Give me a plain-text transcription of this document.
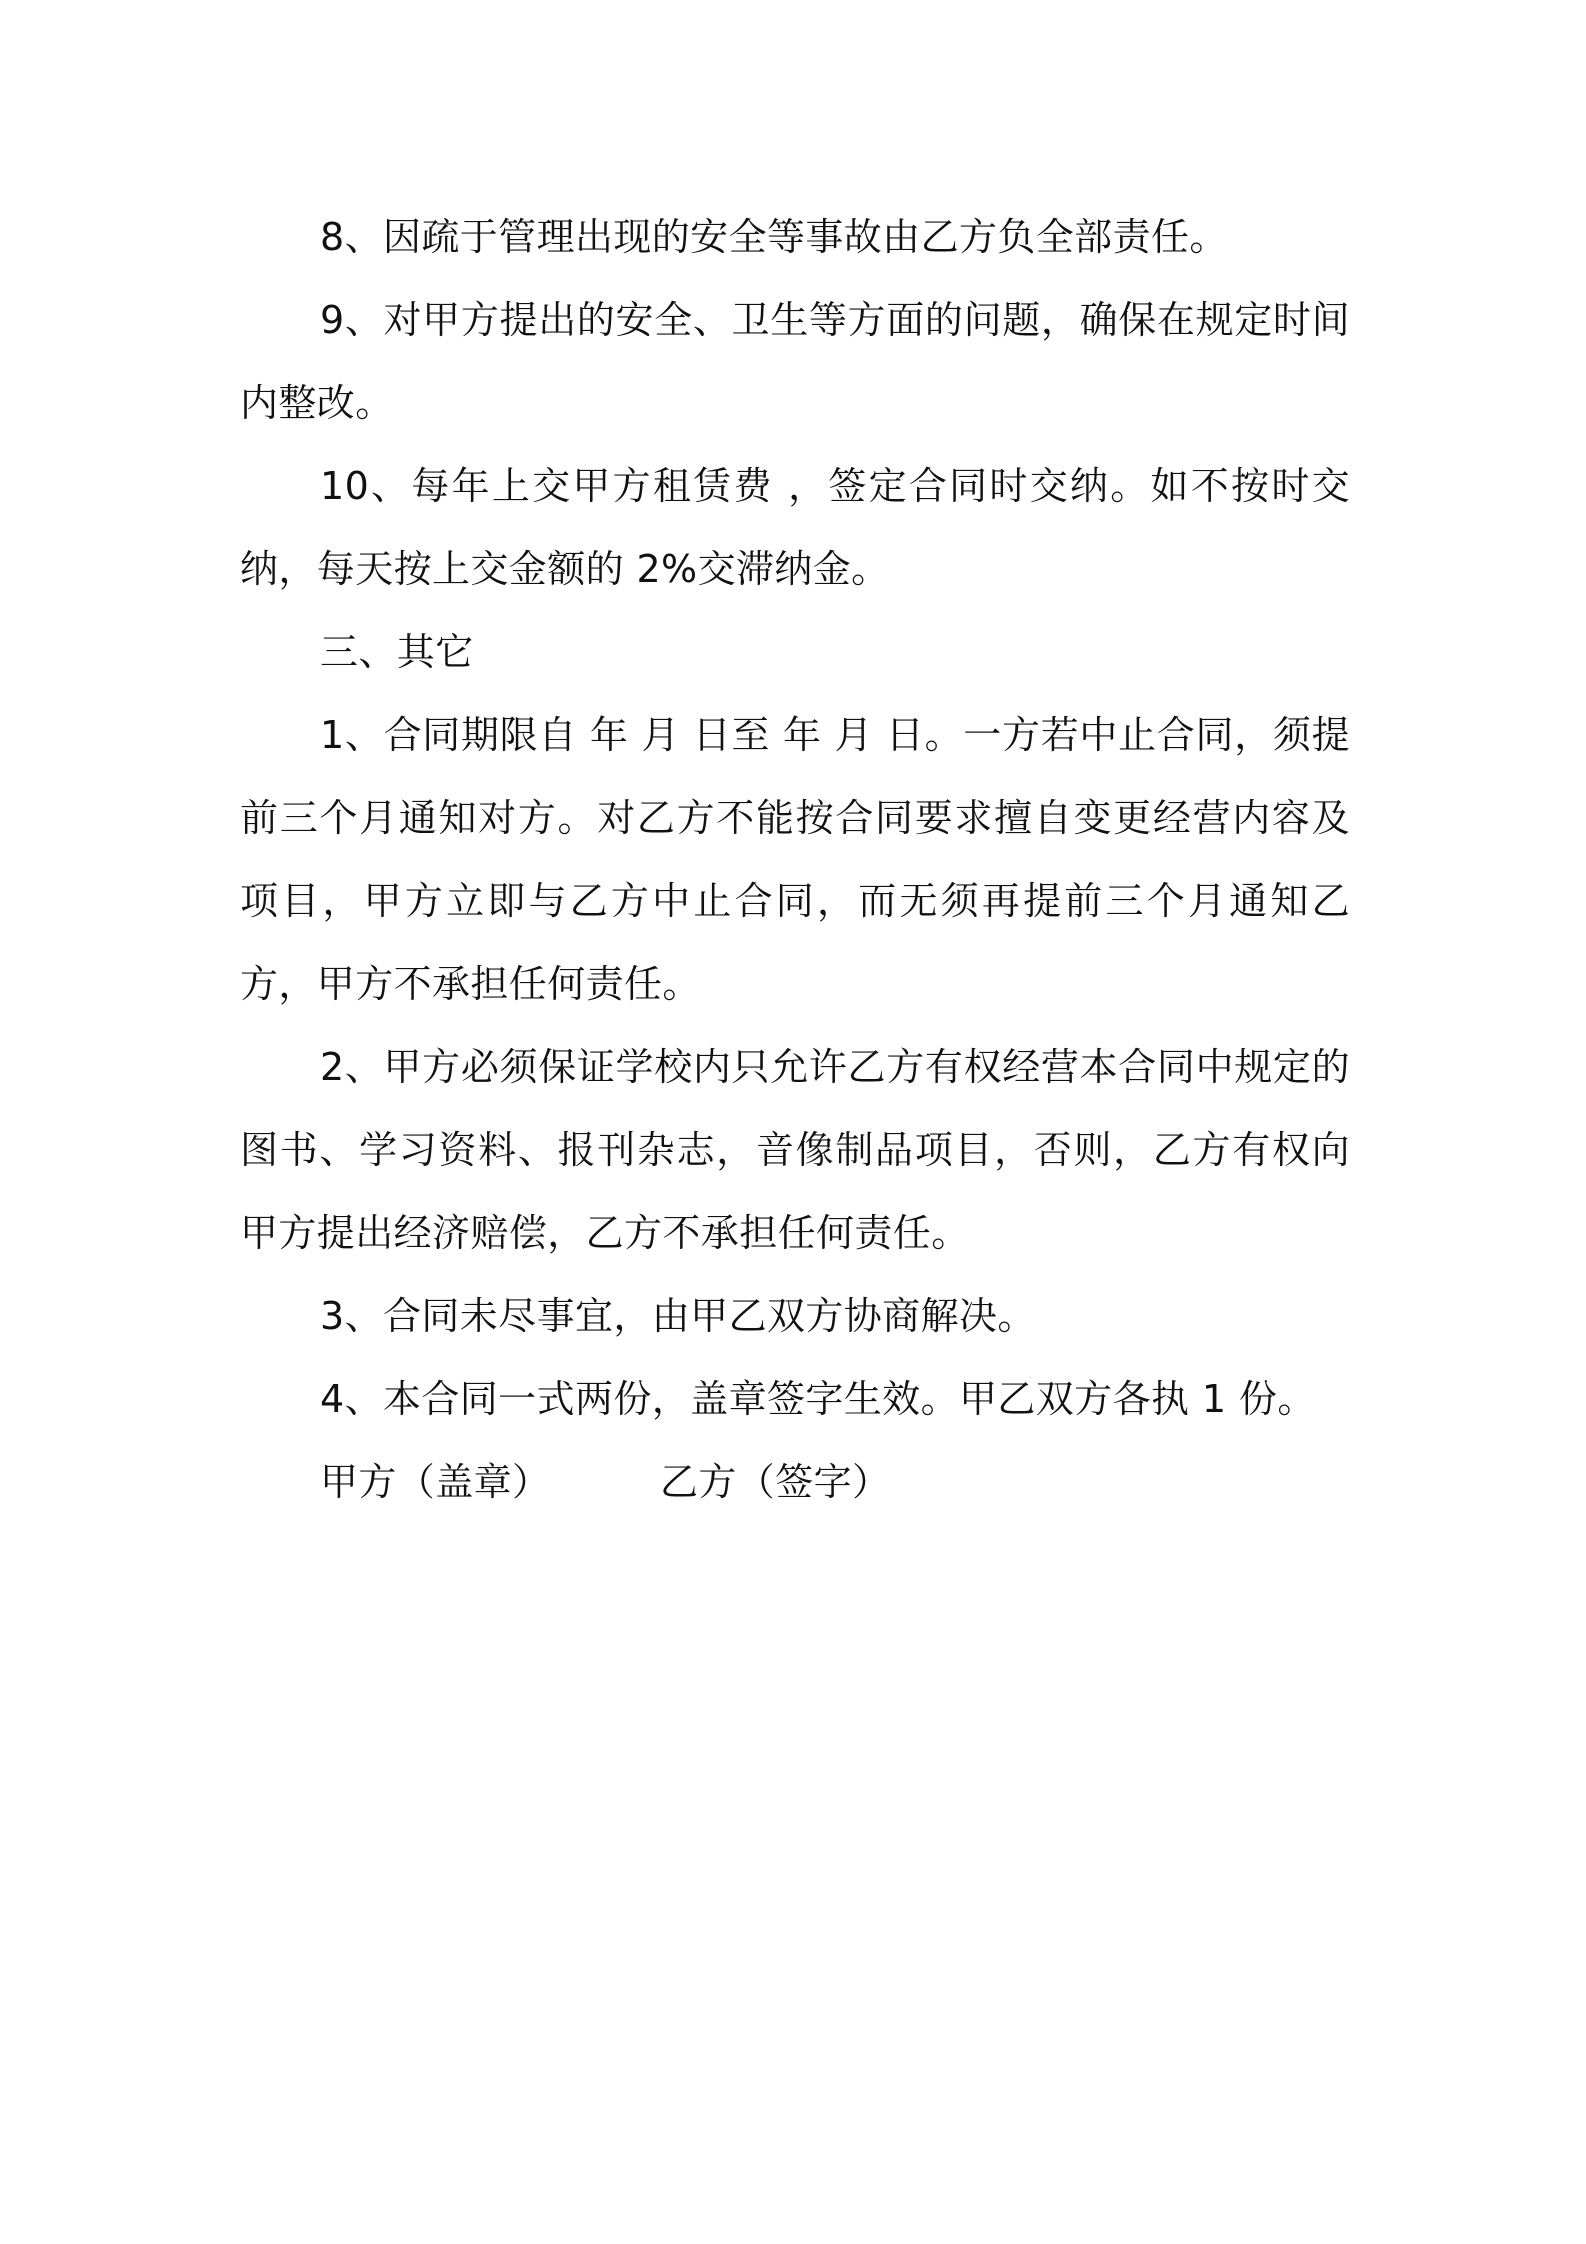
8、因疏于管理出现的安全等事故由乙方负全部责任。

9、对甲方提出的安全、卫生等方面的问题，确保在规定时间内整改。

10、每年上交甲方租赁费 ，签定合同时交纳。如不按时交纳，每天按上交金额的 2%交滞纳金。

三、其它

1、合同期限自 年 月 日至 年 月 日。一方若中止合同，须提前三个月通知对方。对乙方不能按合同要求擅自变更经营内容及项目，甲方立即与乙方中止合同，而无须再提前三个月通知乙方，甲方不承担任何责任。

2、甲方必须保证学校内只允许乙方有权经营本合同中规定的图书、学习资料、报刊杂志，音像制品项目，否则，乙方有权向甲方提出经济赔偿，乙方不承担任何责任。

3、合同未尽事宜，由甲乙双方协商解决。

4、本合同一式两份，盖章签字生效。甲乙双方各执 1 份。

甲方（盖章）	乙方（签字）
